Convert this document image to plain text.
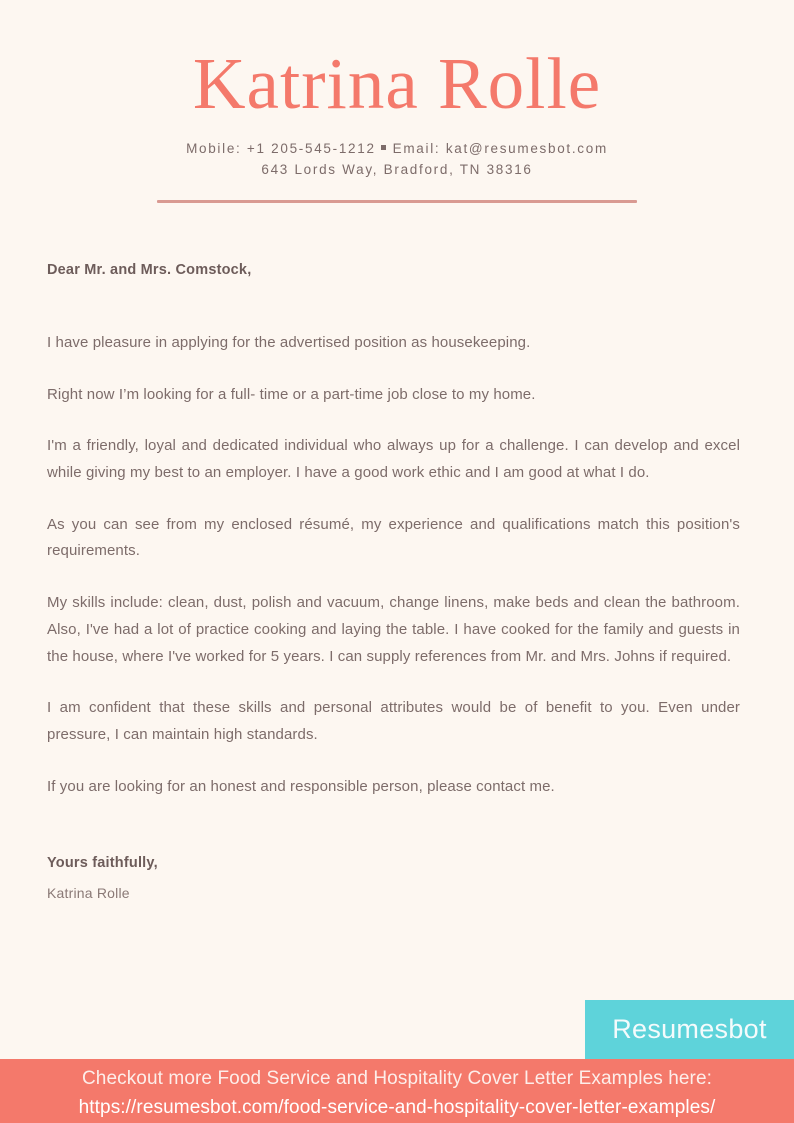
Katrina Rolle
Mobile: +1 205-545-1212 Email: kat@resumesbot.com
643 Lords Way, Bradford, TN 38316

Dear Mr. and Mrs. Comstock,

I have pleasure in applying for the advertised position as housekeeping.

Right now I’m looking for a full- time or a part-time job close to my home.

I'm a friendly, loyal and dedicated individual who always up for a challenge. I can develop and excel while giving my best to an employer. I have a good work ethic and I am good at what I do.

As you can see from my enclosed résumé, my experience and qualifications match this position's requirements.

My skills include: clean, dust, polish and vacuum, change linens, make beds and clean the bathroom. Also, I've had a lot of practice cooking and laying the table. I have cooked for the family and guests in the house, where I've worked for 5 years. I can supply references from Mr. and Mrs. Johns if required.

I am confident that these skills and personal attributes would be of benefit to you. Even under pressure, I can maintain high standards.

If you are looking for an honest and responsible person, please contact me.

Yours faithfully,

Katrina Rolle

Resumesbot
Checkout more Food Service and Hospitality Cover Letter Examples here:
https://resumesbot.com/food-service-and-hospitality-cover-letter-examples/
